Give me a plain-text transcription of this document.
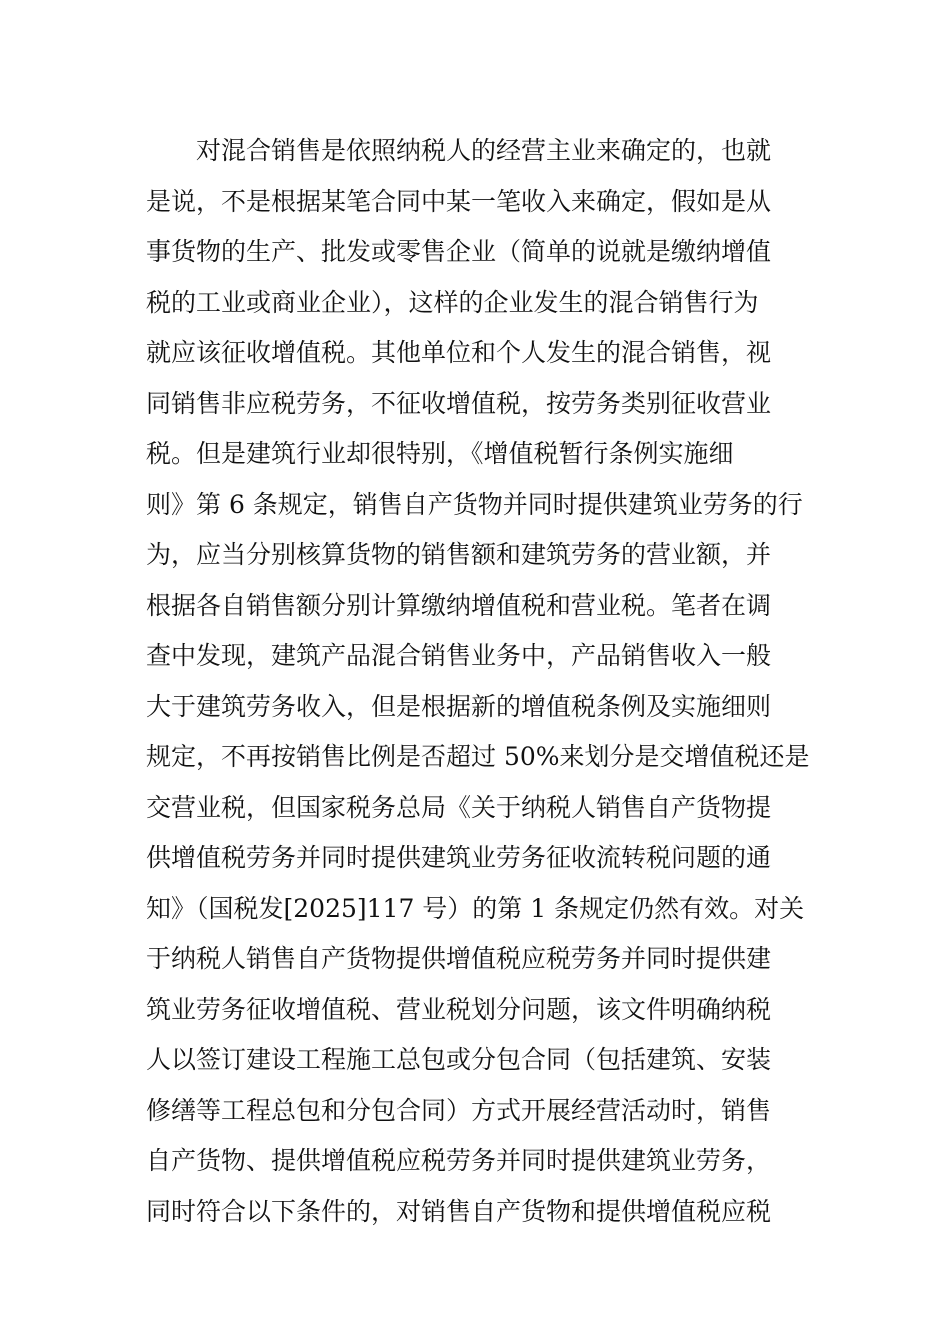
对混合销售是依照纳税人的经营主业来确定的，也就
是说，不是根据某笔合同中某一笔收入来确定，假如是从
事货物的生产、批发或零售企业（简单的说就是缴纳增值
税的工业或商业企业），这样的企业发生的混合销售行为
就应该征收增值税。其他单位和个人发生的混合销售，视
同销售非应税劳务，不征收增值税，按劳务类别征收营业
税。但是建筑行业却很特别，《增值税暂行条例实施细
则》第 6 条规定，销售自产货物并同时提供建筑业劳务的行
为，应当分别核算货物的销售额和建筑劳务的营业额，并
根据各自销售额分别计算缴纳增值税和营业税。笔者在调
查中发现，建筑产品混合销售业务中，产品销售收入一般
大于建筑劳务收入，但是根据新的增值税条例及实施细则
规定，不再按销售比例是否超过 50%来划分是交增值税还是
交营业税，但国家税务总局《关于纳税人销售自产货物提
供增值税劳务并同时提供建筑业劳务征收流转税问题的通
知》（国税发[2025]117 号）的第 1 条规定仍然有效。对关
于纳税人销售自产货物提供增值税应税劳务并同时提供建
筑业劳务征收增值税、营业税划分问题，该文件明确纳税
人以签订建设工程施工总包或分包合同（包括建筑、安装
修缮等工程总包和分包合同）方式开展经营活动时，销售
自产货物、提供增值税应税劳务并同时提供建筑业劳务，
同时符合以下条件的，对销售自产货物和提供增值税应税
